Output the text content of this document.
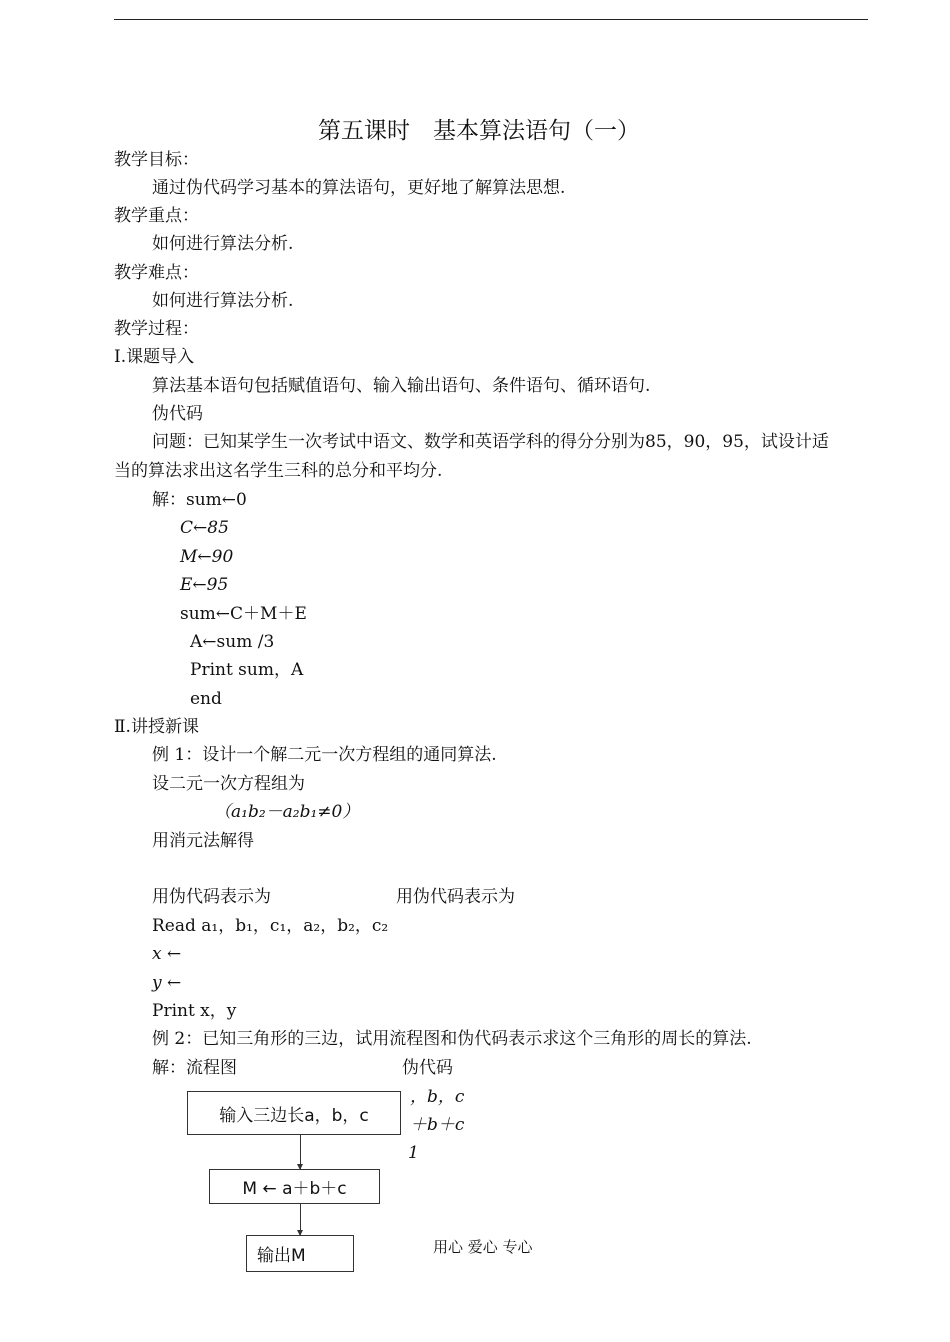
第五课时　基本算法语句（一）
教学目标：
通过伪代码学习基本的算法语句，更好地了解算法思想.
教学重点：
如何进行算法分析.
教学难点：
如何进行算法分析.
教学过程：
Ⅰ.课题导入
算法基本语句包括赋值语句、输入输出语句、条件语句、循环语句.
伪代码
问题：已知某学生一次考试中语文、数学和英语学科的得分分别为85，90，95，试设计适
当的算法求出这名学生三科的总分和平均分.
解：sum←0
C←85
M←90
E←95
sum←C＋M＋E
A←sum /3
Print sum，A
end
Ⅱ.讲授新课
例 1：设计一个解二元一次方程组的通同算法.
设二元一次方程组为
（a₁b₂－a₂b₁≠0）
用消元法解得
用伪代码表示为	用伪代码表示为
Read a₁，b₁，c₁，a₂，b₂，c₂
x ←
y ←
Print x，y
例 2：已知三角形的三边，试用流程图和伪代码表示求这个三角形的周长的算法.
解：流程图	伪代码
输入三边长a，b，c
M ← a＋b＋c
输出M
，b，c
＋b＋c
1
用心 爱心 专心
